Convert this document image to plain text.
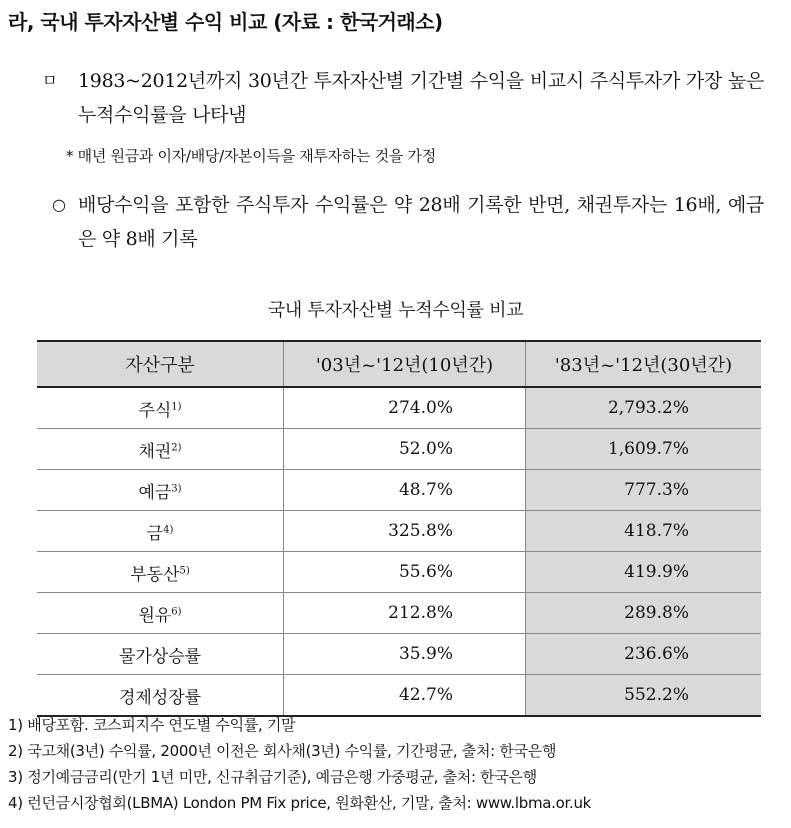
라, 국내 투자자산별 수익 비교 (자료 : 한국거래소)
ㅁ	1983~2012년까지 30년간 투자자산별 기간별 수익을 비교시 주식투자가 가장 높은 누적수익률을 나타냄
* 매년 원금과 이자/배당/자본이득을 재투자하는 것을 가정
○ 배당수익을 포함한 주식투자 수익률은 약 28배 기록한 반면, 채권투자는 16배, 예금은 약 8배 기록
국내 투자자산별 누적수익률 비교
자산구분	'03년~'12년(10년간)	'83년~'12년(30년간)
주식$^{1)}$	274.0%	2,793.2%
채권$^{2)}$	52.0%	1,609.7%
예금$^{3)}$	48.7%	777.3%
금$^{4)}$	325.8%	418.7%
부동산$^{5)}$	55.6%	419.9%
원유$^{6)}$	212.8%	289.8%
물가상승률	35.9%	236.6%
경제성장률	42.7%	552.2%
1) 배당포함. 코스피지수 연도별 수익률, 기말
2) 국고채(3년) 수익률, 2000년 이전은 회사채(3년) 수익률, 기간평균, 출처: 한국은행
3) 정기예금금리(만기 1년 미만, 신규취급기준), 예금은행 가중평균, 출처: 한국은행
4) 런던금시장협회(LBMA) London PM Fix price, 원화환산, 기말, 출처: www.lbma.or.uk
